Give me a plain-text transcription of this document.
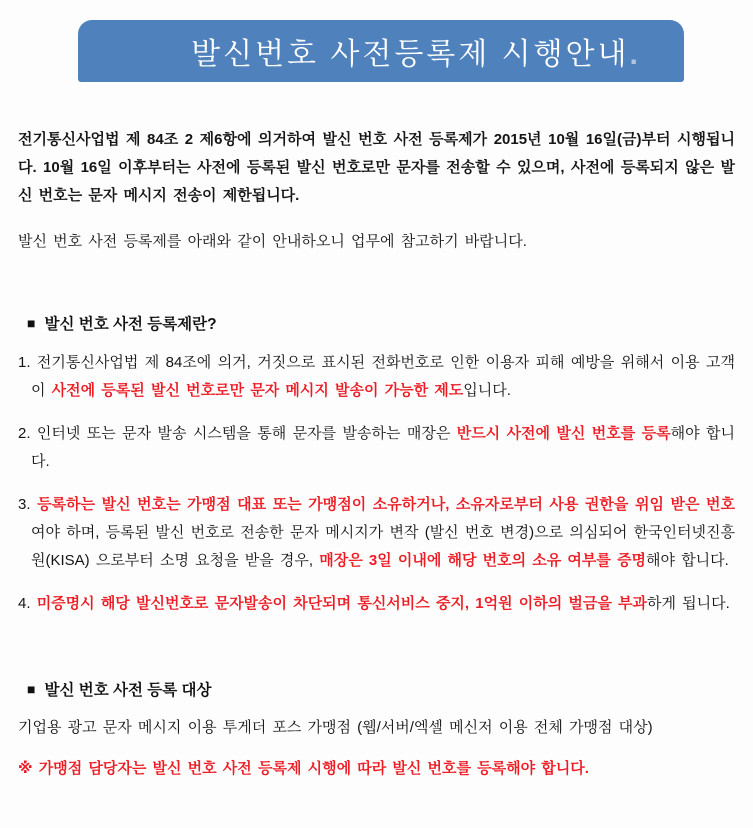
발신번호 사전등록제 시행안내.

전기통신사업법 제 84조 2 제6항에 의거하여 발신 번호 사전 등록제가 2015년 10월 16일(금)부터 시행됩니다. 10월 16일 이후부터는 사전에 등록된 발신 번호로만 문자를 전송할 수 있으며, 사전에 등록되지 않은 발신 번호는 문자 메시지 전송이 제한됩니다.

발신 번호 사전 등록제를 아래와 같이 안내하오니 업무에 참고하기 바랍니다.

■ 발신 번호 사전 등록제란?

1. 전기통신사업법 제 84조에 의거, 거짓으로 표시된 전화번호로 인한 이용자 피해 예방을 위해서 이용 고객이 사전에 등록된 발신 번호로만 문자 메시지 발송이 가능한 제도입니다.

2. 인터넷 또는 문자 발송 시스템을 통해 문자를 발송하는 매장은 반드시 사전에 발신 번호를 등록해야 합니다.

3. 등록하는 발신 번호는 가맹점 대표 또는 가맹점이 소유하거나, 소유자로부터 사용 권한을 위임 받은 번호여야 하며, 등록된 발신 번호로 전송한 문자 메시지가 변작 (발신 번호 변경)으로 의심되어 한국인터넷진흥원(KISA) 으로부터 소명 요청을 받을 경우, 매장은 3일 이내에 해당 번호의 소유 여부를 증명해야 합니다.

4. 미증명시 해당 발신번호로 문자발송이 차단되며 통신서비스 중지, 1억원 이하의 벌금을 부과하게 됩니다.

■ 발신 번호 사전 등록 대상

기업용 광고 문자 메시지 이용 투게더 포스 가맹점 (웹/서버/엑셀 메신저 이용 전체 가맹점 대상)

※ 가맹점 담당자는 발신 번호 사전 등록제 시행에 따라 발신 번호를 등록해야 합니다.
